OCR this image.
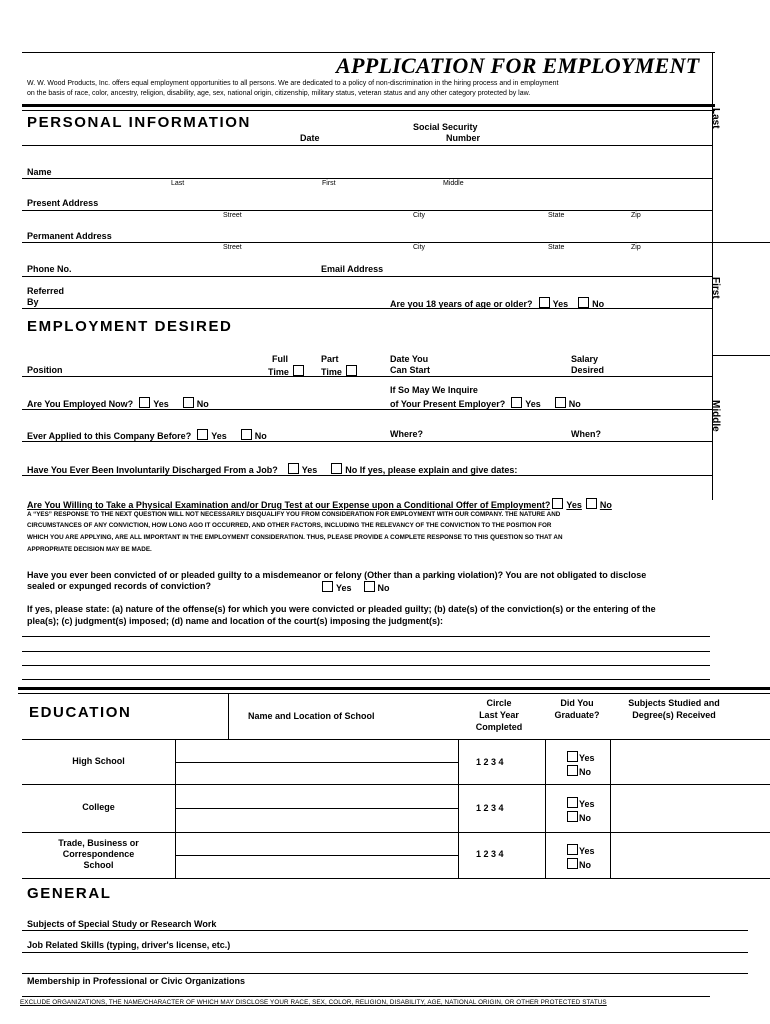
APPLICATION FOR EMPLOYMENT
W. W. Wood Products, Inc. offers equal employment opportunities to all persons. We are dedicated to a policy of non-discrimination in the hiring process and in employment
on the basis of race, color, ancestry, religion, disability, age, sex, national origin, citizenship, military status, veteran status and any other category protected by law.
Last
First
Middle
PERSONAL INFORMATION
Date
Social Security
Number
Name
Last	First	Middle
Present Address
Street	City	State	Zip
Permanent Address
Street	City	State	Zip
Phone No.	Email Address
Referred
By	Are you 18 years of age or older? Yes	No
EMPLOYMENT DESIRED
Full
Time
Part
Time
Position
Date You
Can Start
Salary
Desired
Are You Employed Now? Yes	No
If So May We Inquire
of Your Present Employer? Yes	No
Ever Applied to this Company Before? Yes	No	Where?	When?
Have You Ever Been Involuntarily Discharged From a Job?	Yes	No If yes, please explain and give dates:
Are You Willing to Take a Physical Examination and/or Drug Test at our Expense upon a Conditional Offer of Employment? Yes No
A “YES” RESPONSE TO THE NEXT QUESTION WILL NOT NECESSARILY DISQUALIFY YOU FROM CONSIDERATION FOR EMPLOYMENT WITH OUR COMPANY. THE NATURE AND
CIRCUMSTANCES OF ANY CONVICTION, HOW LONG AGO IT OCCURRED, AND OTHER FACTORS, INCLUDING THE RELEVANCY OF THE CONVICTION TO THE POSITION FOR
WHICH YOU ARE APPLYING, ARE ALL IMPORTANT IN THE EMPLOYMENT CONSIDERATION. THUS, PLEASE PROVIDE A COMPLETE RESPONSE TO THIS QUESTION SO THAT AN
APPROPRIATE DECISION MAY BE MADE.
Have you ever been convicted of or pleaded guilty to a misdemeanor or felony (Other than a parking violation)? You are not obligated to disclose
sealed or expunged records of conviction?	Yes	No
If yes, please state: (a) nature of the offense(s) for which you were convicted or pleaded guilty; (b) date(s) of the conviction(s) or the entering of the
plea(s); (c) judgment(s) imposed; (d) name and location of the court(s) imposing the judgment(s):
EDUCATION	Name and Location of School
Circle
Last Year
Completed
Did You
Graduate?
Subjects Studied and
Degree(s) Received
High School	1 2 3 4	Yes
No
College	1 2 3 4	Yes
No
Trade, Business or
Correspondence
School
1 2 3 4	Yes
No
GENERAL
Subjects of Special Study or Research Work
Job Related Skills (typing, driver's license, etc.)
Membership in Professional or Civic Organizations
EXCLUDE ORGANIZATIONS, THE NAME/CHARACTER OF WHICH MAY DISCLOSE YOUR RACE, SEX, COLOR, RELIGION, DISABILITY, AGE, NATIONAL ORIGIN, OR OTHER PROTECTED STATUS
